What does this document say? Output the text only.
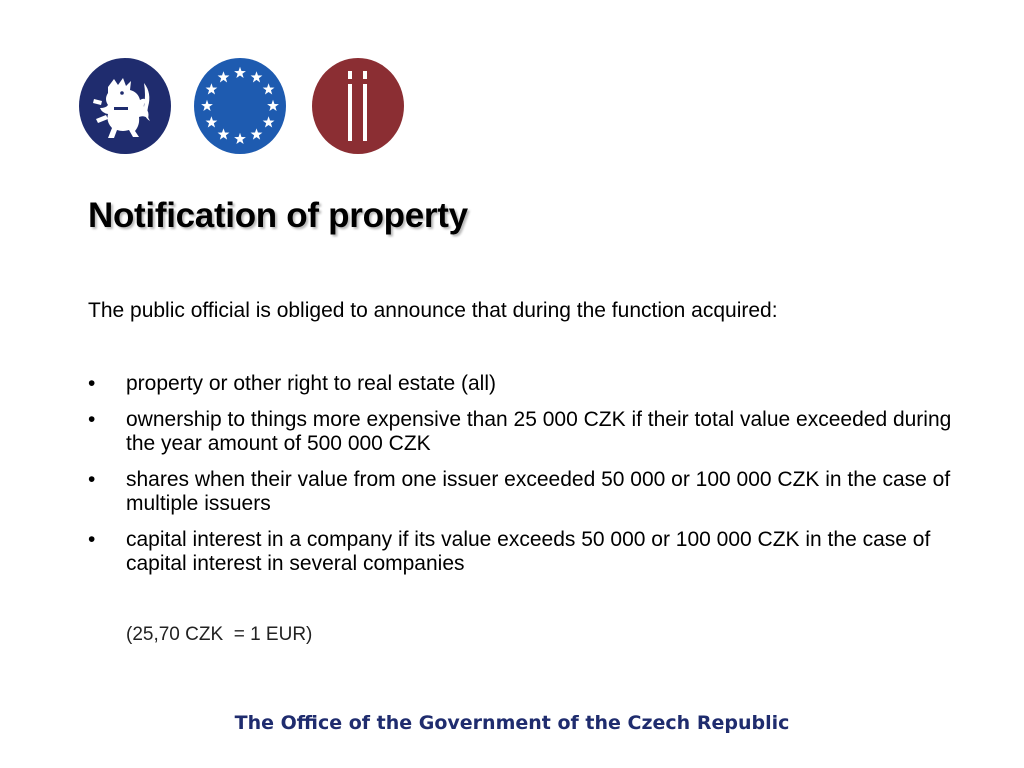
Notification of property

The public official is obliged to announce that during the function acquired:

• property or other right to real estate (all)
• ownership to things more expensive than 25 000 CZK if their total value exceeded during the year amount of 500 000 CZK
• shares when their value from one issuer exceeded 50 000 or 100 000 CZK in the case of multiple issuers
• capital interest in a company if its value exceeds 50 000 or 100 000 CZK in the case of capital interest in several companies

(25,70 CZK  = 1 EUR)

The Office of the Government of the Czech Republic
